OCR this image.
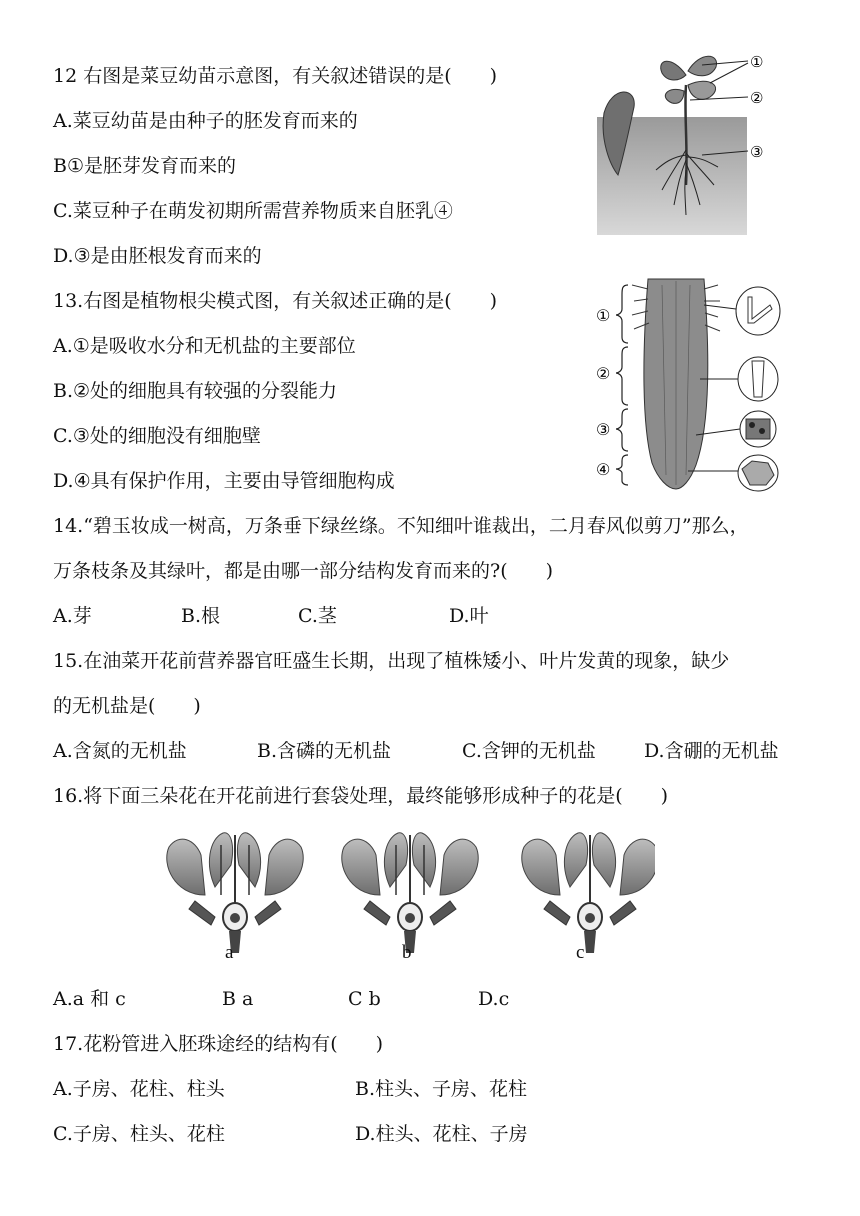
12 右图是菜豆幼苗示意图，有关叙述错误的是(　　)
A.菜豆幼苗是由种子的胚发育而来的
B①是胚芽发育而来的
C.菜豆种子在萌发初期所需营养物质来自胚乳④
D.③是由胚根发育而来的
①
②
③
13.右图是植物根尖模式图，有关叙述正确的是(　　)
A.①是吸收水分和无机盐的主要部位
B.②处的细胞具有较强的分裂能力
C.③处的细胞没有细胞壁
D.④具有保护作用，主要由导管细胞构成
①
②
③
④
14.“碧玉妆成一树高，万条垂下绿丝绦。不知细叶谁裁出，二月春风似剪刀”那么，
万条枝条及其绿叶，都是由哪一部分结构发育而来的?(　　)
A.芽	B.根	C.茎	D.叶
15.在油菜开花前营养器官旺盛生长期，出现了植株矮小、叶片发黄的现象，缺少
的无机盐是(　　)
A.含氮的无机盐	B.含磷的无机盐	C.含钾的无机盐	D.含硼的无机盐
16.将下面三朵花在开花前进行套袋处理，最终能够形成种子的花是(　　)
a	b	c
A.a 和 c	B a	C b	D.c
17.花粉管进入胚珠途经的结构有(　　)
A.子房、花柱、柱头	B.柱头、子房、花柱
C.子房、柱头、花柱	D.柱头、花柱、子房
